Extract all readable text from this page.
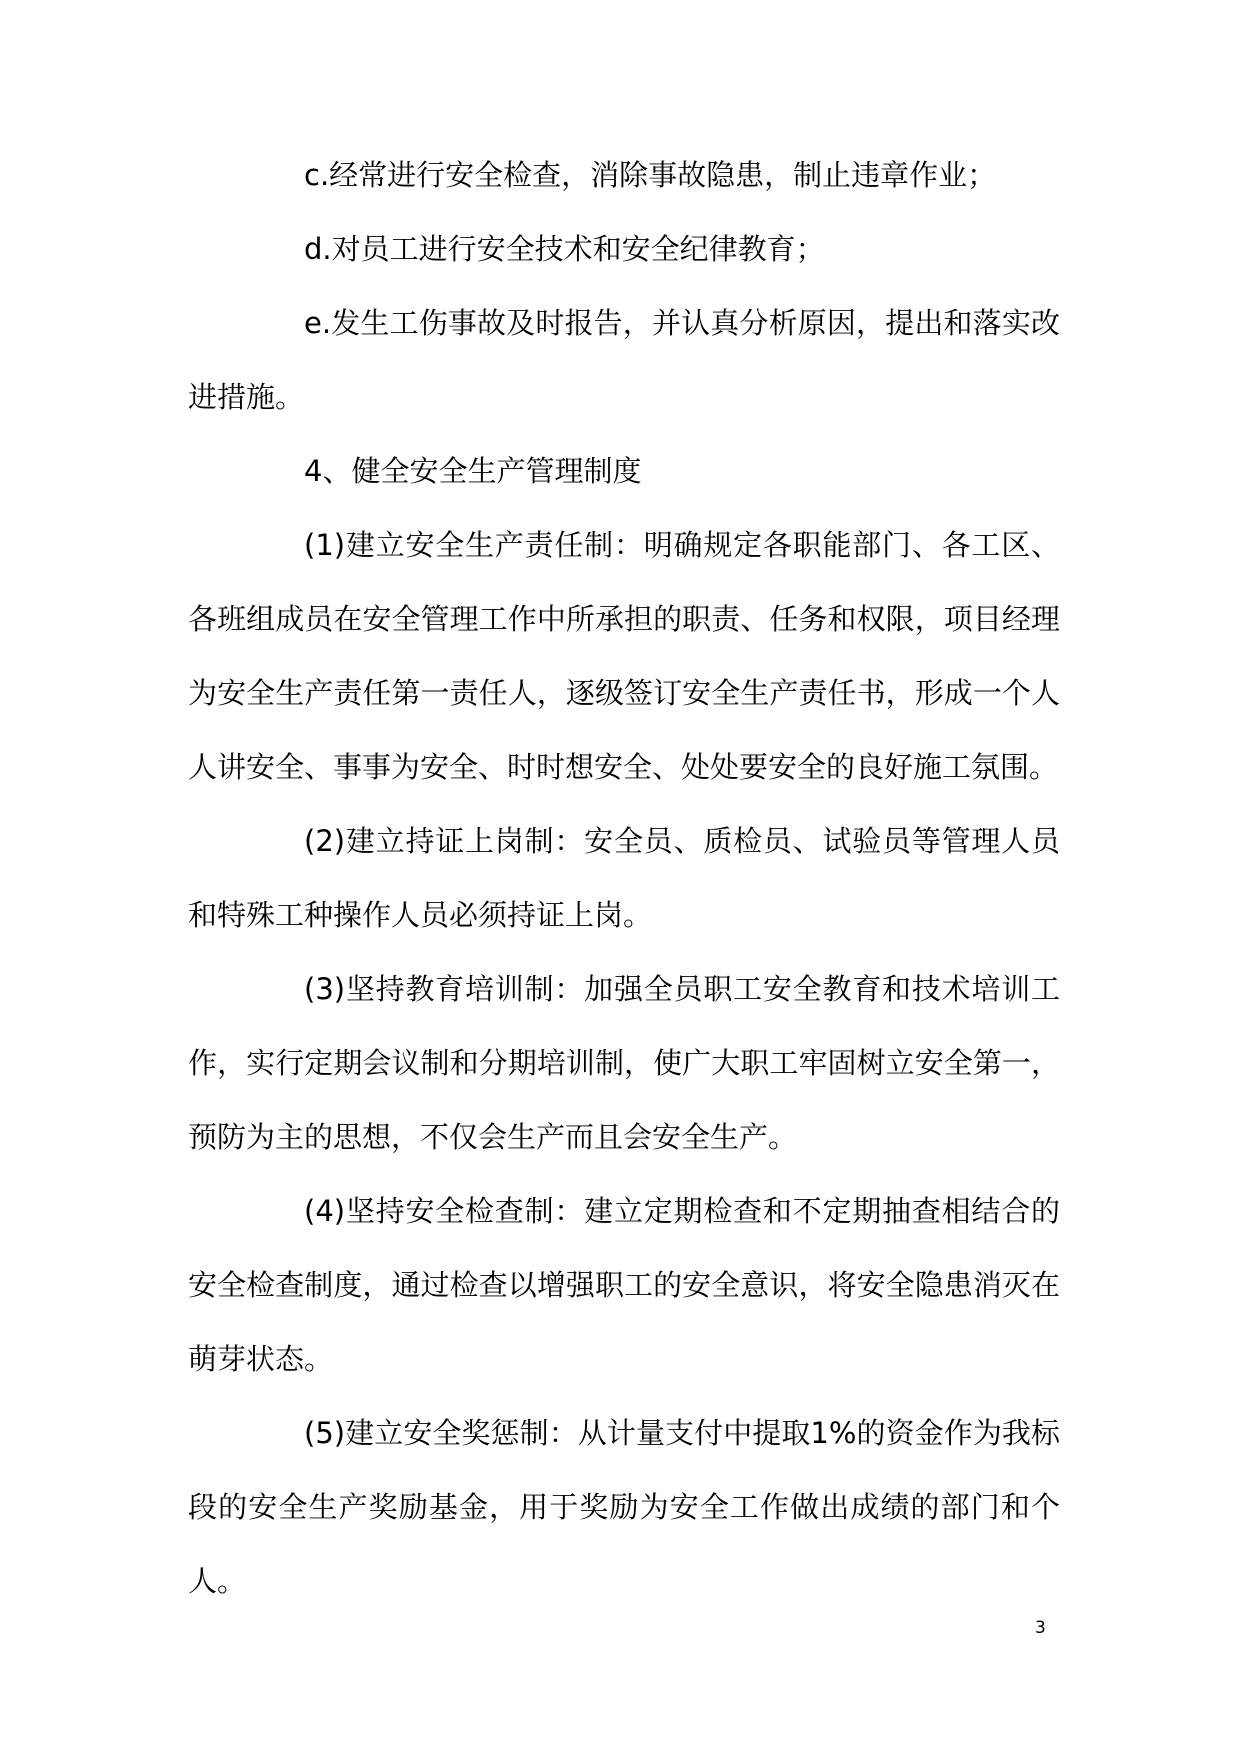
c.经常进行安全检查，消除事故隐患，制止违章作业；

d.对员工进行安全技术和安全纪律教育；

e.发生工伤事故及时报告，并认真分析原因，提出和落实改进措施。

4、健全安全生产管理制度

(1)建立安全生产责任制：明确规定各职能部门、各工区、各班组成员在安全管理工作中所承担的职责、任务和权限，项目经理为安全生产责任第一责任人，逐级签订安全生产责任书，形成一个人人讲安全、事事为安全、时时想安全、处处要安全的良好施工氛围。

(2)建立持证上岗制：安全员、质检员、试验员等管理人员和特殊工种操作人员必须持证上岗。

(3)坚持教育培训制：加强全员职工安全教育和技术培训工作，实行定期会议制和分期培训制，使广大职工牢固树立安全第一，预防为主的思想，不仅会生产而且会安全生产。

(4)坚持安全检查制：建立定期检查和不定期抽查相结合的安全检查制度，通过检查以增强职工的安全意识，将安全隐患消灭在萌芽状态。

(5)建立安全奖惩制：从计量支付中提取1%的资金作为我标段的安全生产奖励基金，用于奖励为安全工作做出成绩的部门和个人。

3
